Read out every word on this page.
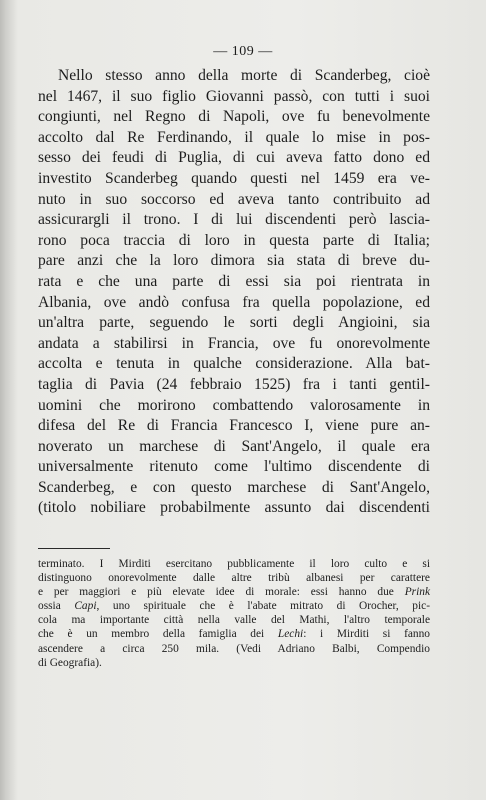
— 109 —
Nello stesso anno della morte di Scanderbeg, cioè
nel 1467, il suo figlio Giovanni passò, con tutti i suoi
congiunti, nel Regno di Napoli, ove fu benevolmente
accolto dal Re Ferdinando, il quale lo mise in pos-
sesso dei feudi di Puglia, di cui aveva fatto dono ed
investito Scanderbeg quando questi nel 1459 era ve-
nuto in suo soccorso ed aveva tanto contribuito ad
assicurargli il trono. I di lui discendenti però lascia-
rono poca traccia di loro in questa parte di Italia;
pare anzi che la loro dimora sia stata di breve du-
rata e che una parte di essi sia poi rientrata in
Albania, ove andò confusa fra quella popolazione, ed
un'altra parte, seguendo le sorti degli Angioini, sia
andata a stabilirsi in Francia, ove fu onorevolmente
accolta e tenuta in qualche considerazione. Alla bat-
taglia di Pavia (24 febbraio 1525) fra i tanti gentil-
uomini che morirono combattendo valorosamente in
difesa del Re di Francia Francesco I, viene pure an-
noverato un marchese di Sant'Angelo, il quale era
universalmente ritenuto come l'ultimo discendente di
Scanderbeg, e con questo marchese di Sant'Angelo,
(titolo nobiliare probabilmente assunto dai discendenti
terminato. I Mirditi esercitano pubblicamente il loro culto e si
distinguono onorevolmente dalle altre tribù albanesi per carattere
e per maggiori e più elevate idee di morale: essi hanno due Prink
ossia Capi, uno spirituale che è l'abate mitrato di Orocher, pic-
cola ma importante città nella valle del Mathi, l'altro temporale
che è un membro della famiglia dei Lechi: i Mirditi si fanno
ascendere a circa 250 mila. (Vedi Adriano Balbi, Compendio
di Geografia).
